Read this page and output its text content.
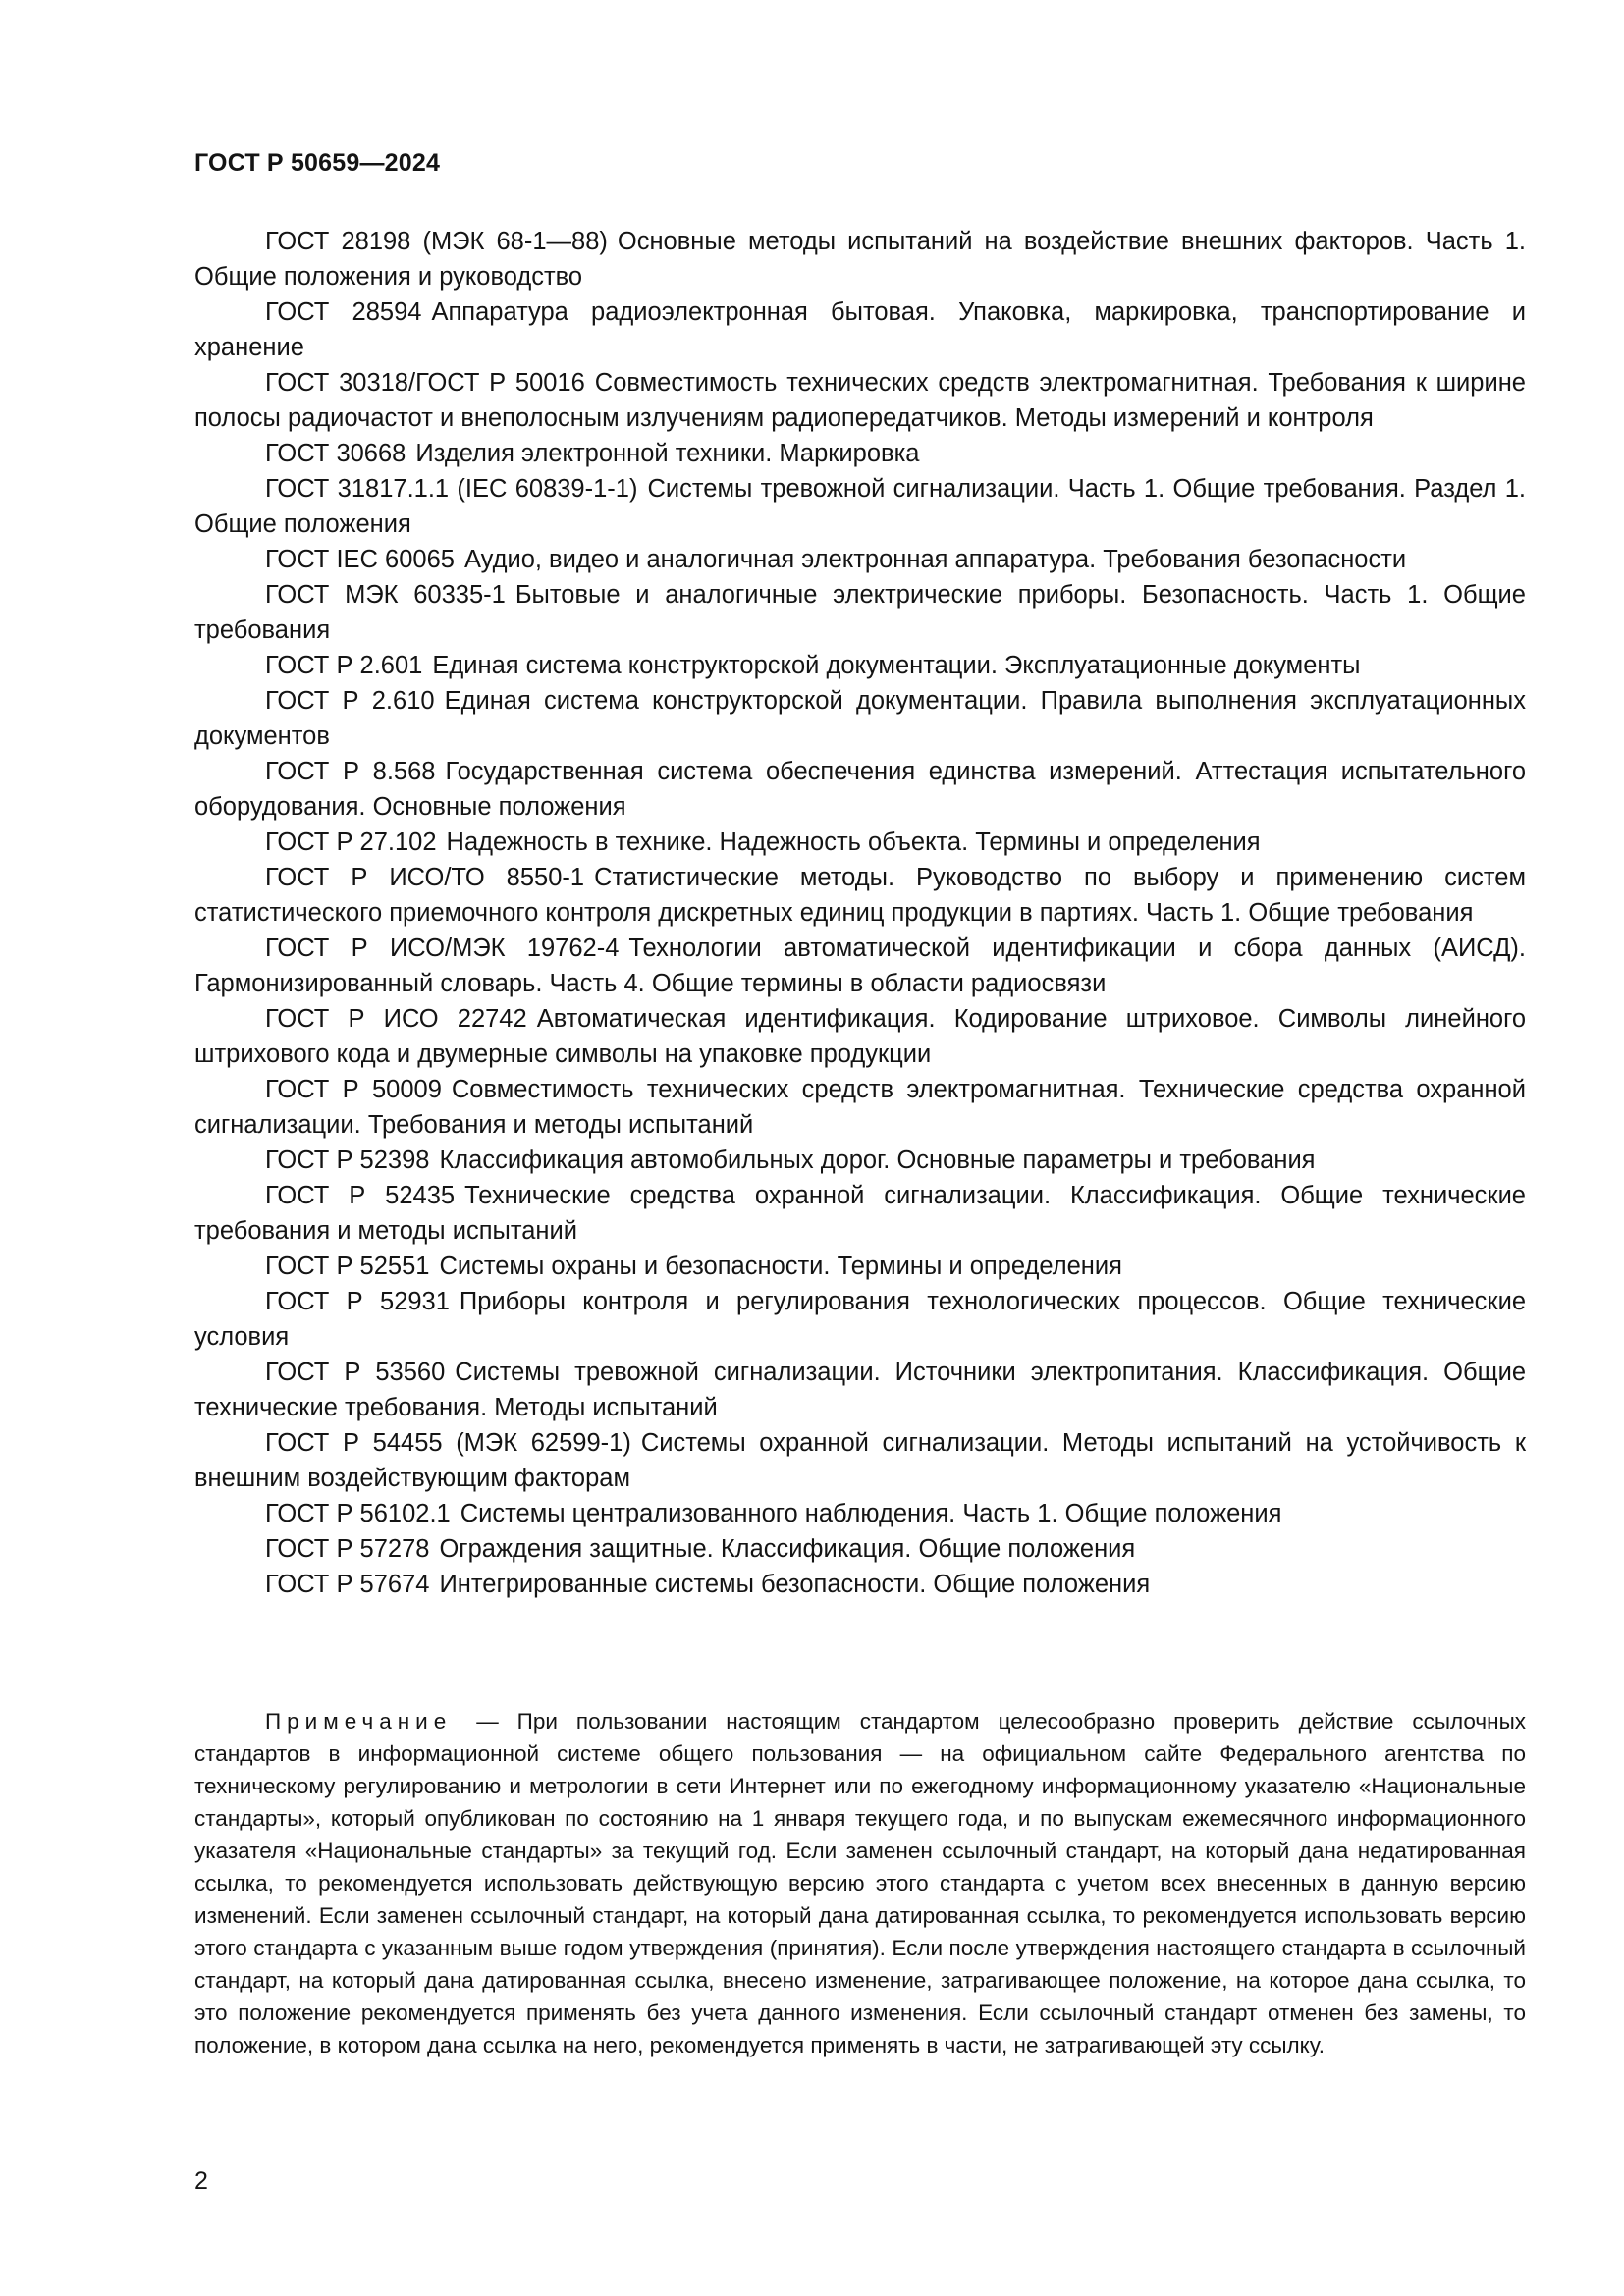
ГОСТ Р 50659—2024

ГОСТ 28198 (МЭК 68-1—88) Основные методы испытаний на воздействие внешних факторов. Часть 1. Общие положения и руководство

ГОСТ 28594 Аппаратура радиоэлектронная бытовая. Упаковка, маркировка, транспортирование и хранение

ГОСТ 30318/ГОСТ Р 50016 Совместимость технических средств электромагнитная. Требования к ширине полосы радиочастот и внеполосным излучениям радиопередатчиков. Методы измерений и контроля

ГОСТ 30668 Изделия электронной техники. Маркировка

ГОСТ 31817.1.1 (IEC 60839-1-1) Системы тревожной сигнализации. Часть 1. Общие требования. Раздел 1. Общие положения

ГОСТ IEC 60065 Аудио, видео и аналогичная электронная аппаратура. Требования безопасности

ГОСТ МЭК 60335-1 Бытовые и аналогичные электрические приборы. Безопасность. Часть 1. Общие требования

ГОСТ Р 2.601 Единая система конструкторской документации. Эксплуатационные документы

ГОСТ Р 2.610 Единая система конструкторской документации. Правила выполнения эксплуатационных документов

ГОСТ Р 8.568 Государственная система обеспечения единства измерений. Аттестация испытательного оборудования. Основные положения

ГОСТ Р 27.102 Надежность в технике. Надежность объекта. Термины и определения

ГОСТ Р ИСО/ТО 8550-1 Статистические методы. Руководство по выбору и применению систем статистического приемочного контроля дискретных единиц продукции в партиях. Часть 1. Общие требования

ГОСТ Р ИСО/МЭК 19762-4 Технологии автоматической идентификации и сбора данных (АИСД). Гармонизированный словарь. Часть 4. Общие термины в области радиосвязи

ГОСТ Р ИСО 22742 Автоматическая идентификация. Кодирование штриховое. Символы линейного штрихового кода и двумерные символы на упаковке продукции

ГОСТ Р 50009 Совместимость технических средств электромагнитная. Технические средства охранной сигнализации. Требования и методы испытаний

ГОСТ Р 52398 Классификация автомобильных дорог. Основные параметры и требования

ГОСТ Р 52435 Технические средства охранной сигнализации. Классификация. Общие технические требования и методы испытаний

ГОСТ Р 52551 Системы охраны и безопасности. Термины и определения

ГОСТ Р 52931 Приборы контроля и регулирования технологических процессов. Общие технические условия

ГОСТ Р 53560 Системы тревожной сигнализации. Источники электропитания. Классификация. Общие технические требования. Методы испытаний

ГОСТ Р 54455 (МЭК 62599-1) Системы охранной сигнализации. Методы испытаний на устойчивость к внешним воздействующим факторам

ГОСТ Р 56102.1 Системы централизованного наблюдения. Часть 1. Общие положения

ГОСТ Р 57278 Ограждения защитные. Классификация. Общие положения

ГОСТ Р 57674 Интегрированные системы безопасности. Общие положения

Примечание — При пользовании настоящим стандартом целесообразно проверить действие ссылочных стандартов в информационной системе общего пользования — на официальном сайте Федерального агентства по техническому регулированию и метрологии в сети Интернет или по ежегодному информационному указателю «Национальные стандарты», который опубликован по состоянию на 1 января текущего года, и по выпускам ежемесячного информационного указателя «Национальные стандарты» за текущий год. Если заменен ссылочный стандарт, на который дана недатированная ссылка, то рекомендуется использовать действующую версию этого стандарта с учетом всех внесенных в данную версию изменений. Если заменен ссылочный стандарт, на который дана датированная ссылка, то рекомендуется использовать версию этого стандарта с указанным выше годом утверждения (принятия). Если после утверждения настоящего стандарта в ссылочный стандарт, на который дана датированная ссылка, внесено изменение, затрагивающее положение, на которое дана ссылка, то это положение рекомендуется применять без учета данного изменения. Если ссылочный стандарт отменен без замены, то положение, в котором дана ссылка на него, рекомендуется применять в части, не затрагивающей эту ссылку.

2
